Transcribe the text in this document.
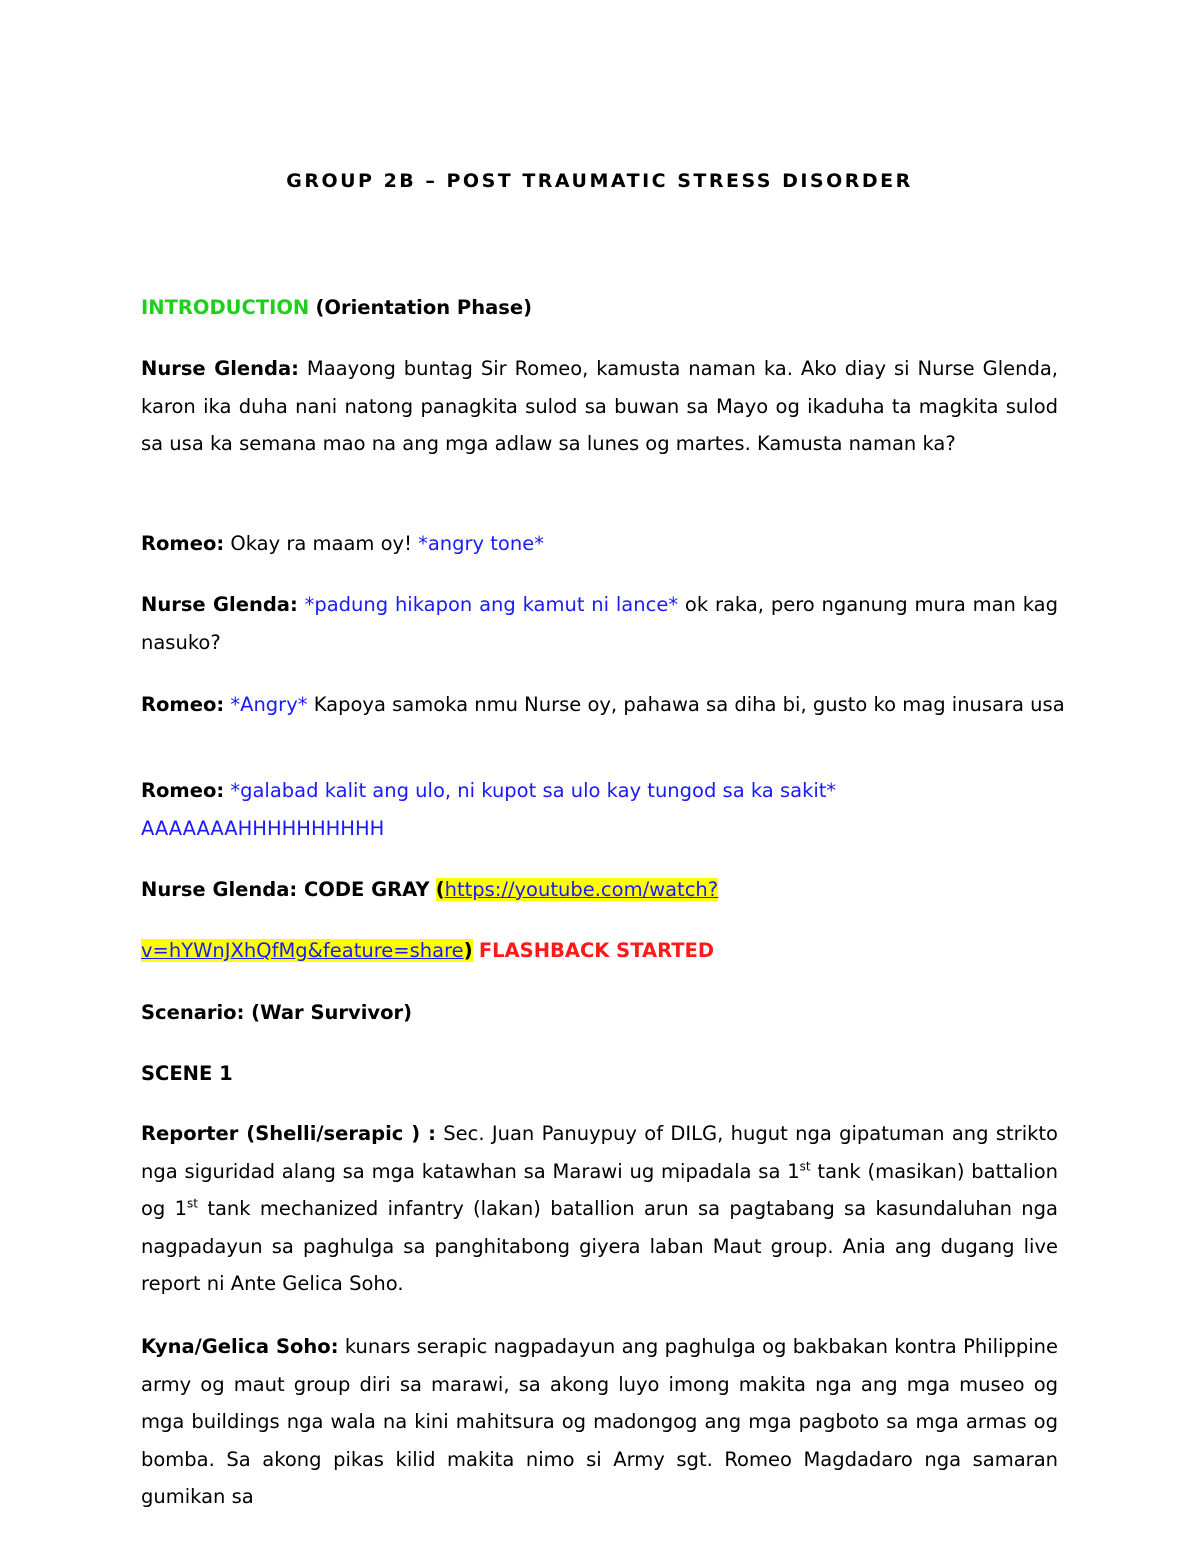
GROUP 2B – POST TRAUMATIC STRESS DISORDER
INTRODUCTION (Orientation Phase)
Nurse Glenda: Maayong buntag Sir Romeo, kamusta naman ka. Ako diay si Nurse Glenda, karon ika duha nani natong panagkita sulod sa buwan sa Mayo og ikaduha ta magkita sulod sa usa ka semana mao na ang mga adlaw sa lunes og martes. Kamusta naman ka?
Romeo: Okay ra maam oy! *angry tone*
Nurse Glenda: *padung hikapon ang kamut ni lance* ok raka, pero nganung mura man kag nasuko?
Romeo: *Angry* Kapoya samoka nmu Nurse oy, pahawa sa diha bi, gusto ko mag inusara usa
Romeo: *galabad kalit ang ulo, ni kupot sa ulo kay tungod sa ka sakit*
AAAAAAAHHHHHHHHHH
Nurse Glenda: CODE GRAY (https://youtube.com/watch?
v=hYWnJXhQfMg&feature=share) FLASHBACK STARTED
Scenario: (War Survivor)
SCENE 1
Reporter (Shelli/serapic ) : Sec. Juan Panuypuy of DILG, hugut nga gipatuman ang strikto nga siguridad alang sa mga katawhan sa Marawi ug mipadala sa 1st tank (masikan) battalion og 1st tank mechanized infantry (lakan) batallion arun sa pagtabang sa kasundaluhan nga nagpadayun sa paghulga sa panghitabong giyera laban Maut group. Ania ang dugang live report ni Ante Gelica Soho.
Kyna/Gelica Soho: kunars serapic nagpadayun ang paghulga og bakbakan kontra Philippine army og maut group diri sa marawi, sa akong luyo imong makita nga ang mga museo og mga buildings nga wala na kini mahitsura og madongog ang mga pagboto sa mga armas og bomba. Sa akong pikas kilid makita nimo si Army sgt. Romeo Magdadaro nga samaran gumikan sa
